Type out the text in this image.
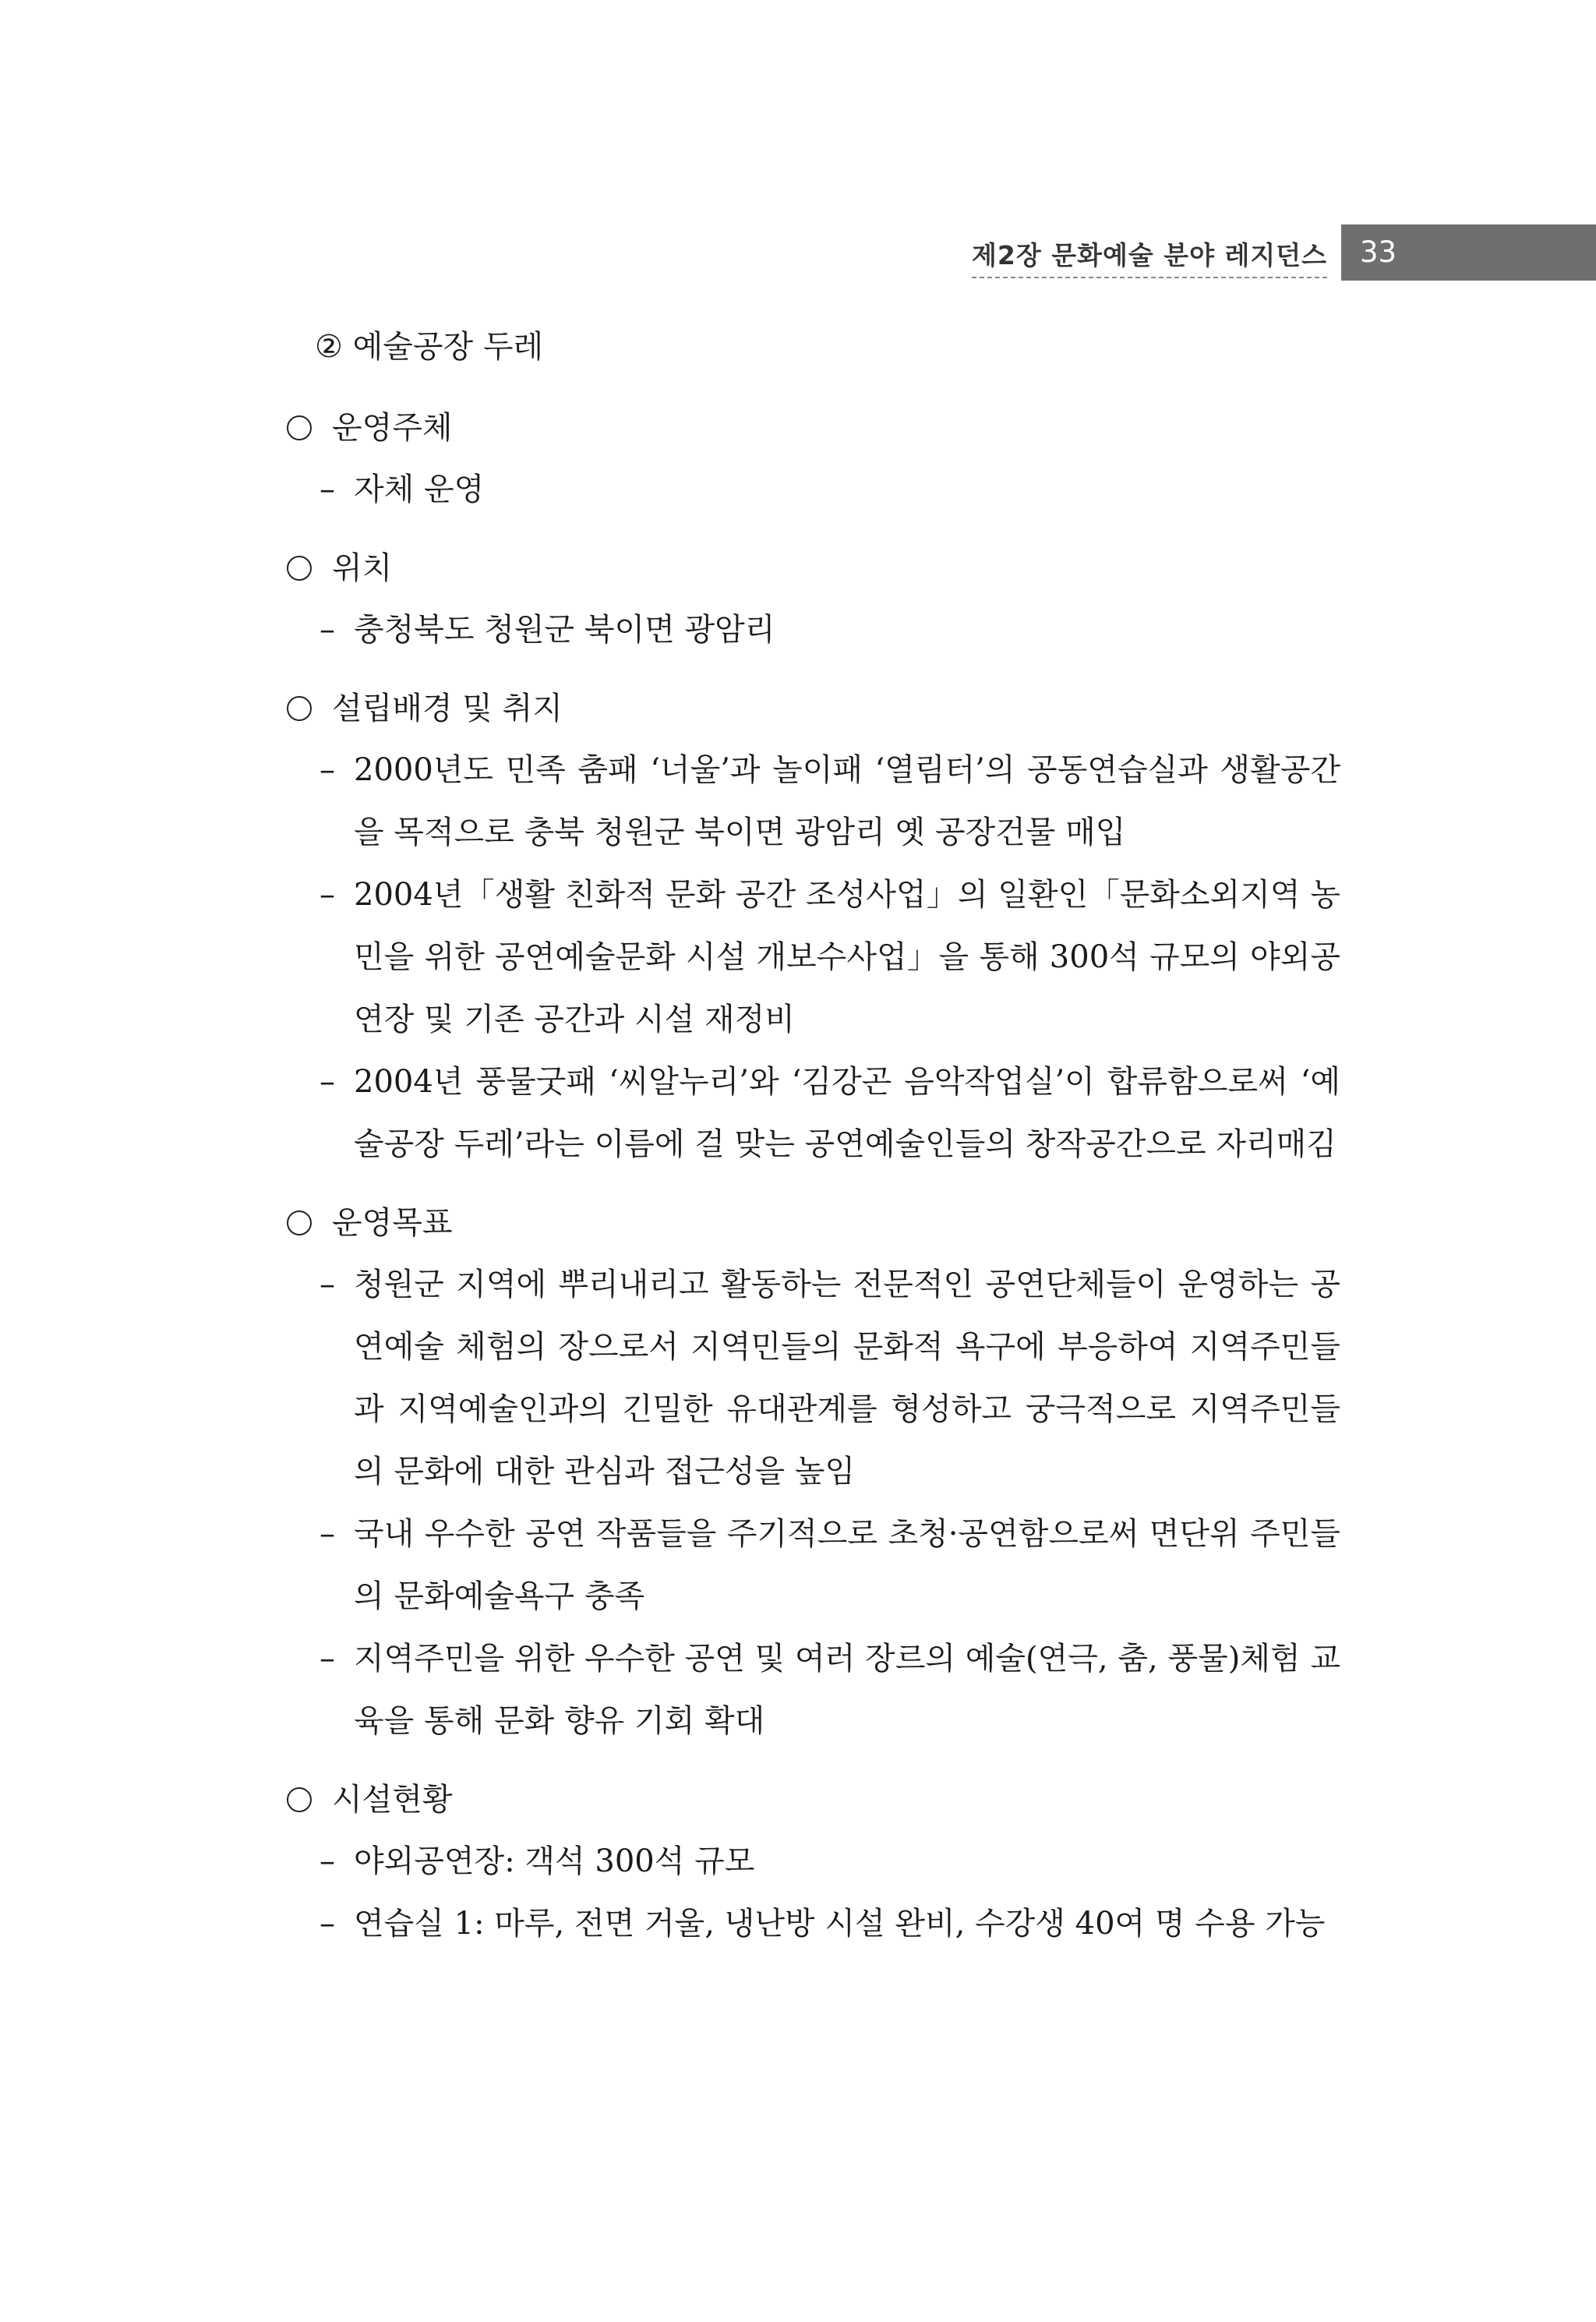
제2장 문화예술 분야 레지던스 33
② 예술공장 두레
운영주체
– 자체 운영
위치
– 충청북도 청원군 북이면 광암리
설립배경 및 취지
– 2000년도 민족 춤패 ‘너울’과 놀이패 ‘열림터’의 공동연습실과 생활공간을 목적으로 충북 청원군 북이면 광암리 옛 공장건물 매입
– 2004년「생활 친화적 문화 공간 조성사업」의 일환인「문화소외지역 농민을 위한 공연예술문화 시설 개보수사업」을 통해 300석 규모의 야외공연장 및 기존 공간과 시설 재정비
– 2004년 풍물굿패 ‘씨알누리’와 ‘김강곤 음악작업실’이 합류함으로써 ‘예술공장 두레’라는 이름에 걸 맞는 공연예술인들의 창작공간으로 자리매김
운영목표
– 청원군 지역에 뿌리내리고 활동하는 전문적인 공연단체들이 운영하는 공연예술 체험의 장으로서 지역민들의 문화적 욕구에 부응하여 지역주민들과 지역예술인과의 긴밀한 유대관계를 형성하고 궁극적으로 지역주민들의 문화에 대한 관심과 접근성을 높임
– 국내 우수한 공연 작품들을 주기적으로 초청·공연함으로써 면단위 주민들의 문화예술욕구 충족
– 지역주민을 위한 우수한 공연 및 여러 장르의 예술(연극, 춤, 풍물)체험 교육을 통해 문화 향유 기회 확대
시설현황
– 야외공연장: 객석 300석 규모
– 연습실 1: 마루, 전면 거울, 냉난방 시설 완비, 수강생 40여 명 수용 가능
